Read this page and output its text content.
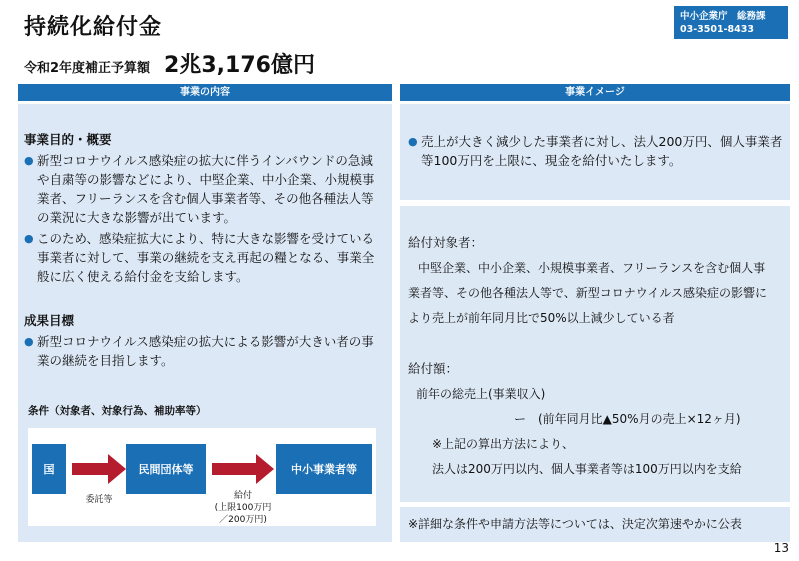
持続化給付金
令和2年度補正予算額 2兆3,176億円
中小企業庁　総務課
03-3501-8433
事業の内容	事業イメージ
事業目的・概要
● 新型コロナウイルス感染症の拡大に伴うインバウンドの急減や自粛等の影響などにより、中堅企業、中小企業、小規模事業者、フリーランスを含む個人事業者等、その他各種法人等の業況に大きな影響が出ています。
● このため、感染症拡大により、特に大きな影響を受けている事業者に対して、事業の継続を支え再起の糧となる、事業全般に広く使える給付金を支給します。
成果目標
● 新型コロナウイルス感染症の拡大による影響が大きい者の事業の継続を目指します。
条件（対象者、対象行為、補助率等）
国
委託等
民間団体等
給付
(上限100万円
／200万円)
中小事業者等
● 売上が大きく減少した事業者に対し、法人200万円、個人事業者等100万円を上限に、現金を給付いたします。
給付対象者：
中堅企業、中小企業、小規模事業者、フリーランスを含む個人事
業者等、その他各種法人等で、新型コロナウイルス感染症の影響に
より売上が前年同月比で50%以上減少している者
給付額：
前年の総売上(事業収入)
ー　(前年同月比▲50%月の売上×12ヶ月)
※上記の算出方法により、
法人は200万円以内、個人事業者等は100万円以内を支給
※詳細な条件や申請方法等については、決定次第速やかに公表
13
